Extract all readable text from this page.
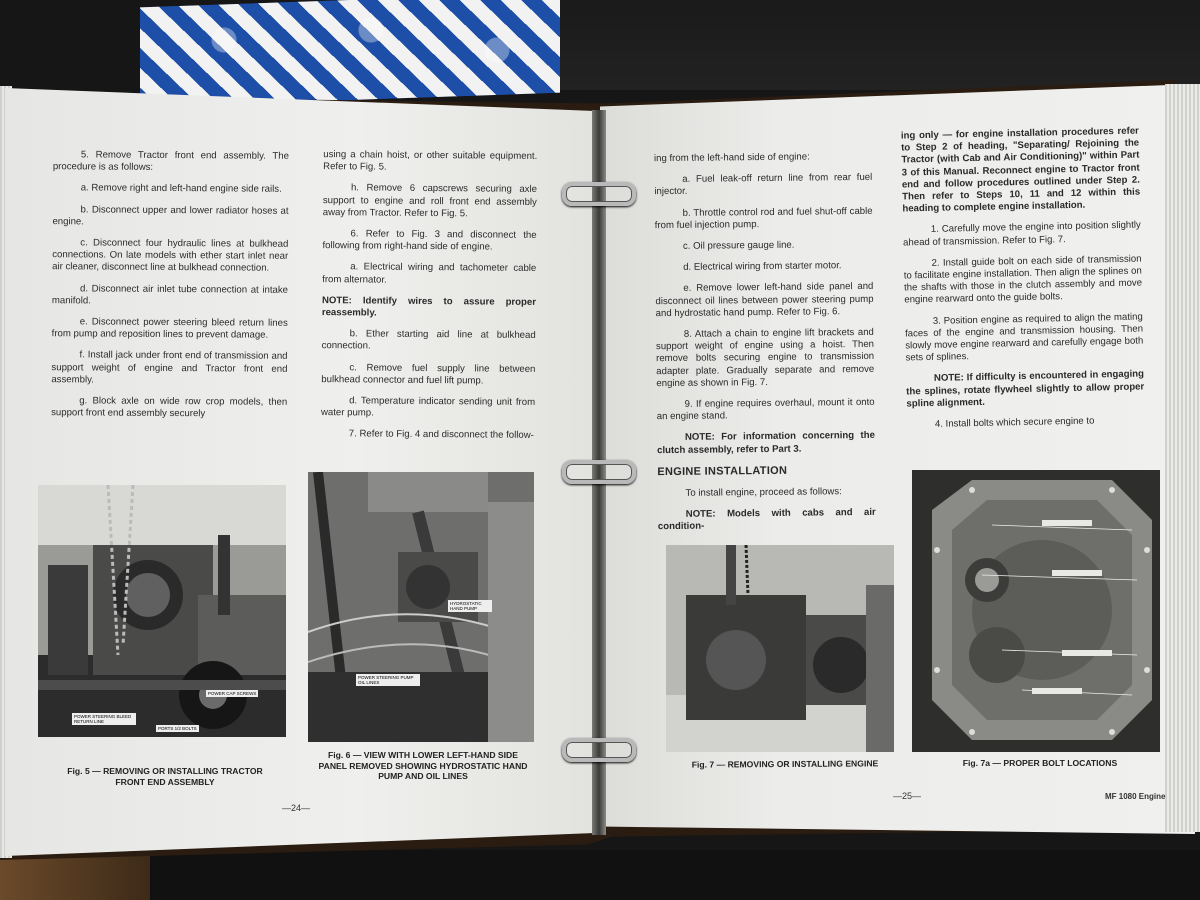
5. Remove Tractor front end assembly. The procedure is as follows:

a. Remove right and left-hand engine side rails.

b. Disconnect upper and lower radiator hoses at engine.

c. Disconnect four hydraulic lines at bulkhead connections. On late models with ether start inlet near air cleaner, disconnect line at bulkhead connection.

d. Disconnect air inlet tube connection at intake manifold.

e. Disconnect power steering bleed return lines from pump and reposition lines to prevent damage.

f. Install jack under front end of transmission and support weight of engine and Tractor front end assembly.

g. Block axle on wide row crop models, then support front end assembly securely

using a chain hoist, or other suitable equipment. Refer to Fig. 5.

h. Remove 6 capscrews securing axle support to engine and roll front end assembly away from Tractor. Refer to Fig. 5.

6. Refer to Fig. 3 and disconnect the following from right-hand side of engine.

a. Electrical wiring and tachometer cable from alternator.

NOTE: Identify wires to assure proper reassembly.

b. Ether starting aid line at bulkhead connection.

c. Remove fuel supply line between bulkhead connector and fuel lift pump.

d. Temperature indicator sending unit from water pump.

7. Refer to Fig. 4 and disconnect the follow-

POWER STEERING BLEED RETURN LINE
POWER CAP SCREWS
PORTS 1/2 BOLTS
Fig. 5 — REMOVING OR INSTALLING TRACTOR FRONT END ASSEMBLY
HYDROSTATIC HAND PUMP
POWER STEERING PUMP OIL LINES
Fig. 6 — VIEW WITH LOWER LEFT-HAND SIDE PANEL REMOVED SHOWING HYDROSTATIC HAND PUMP AND OIL LINES
—24—

ing from the left-hand side of engine:

a. Fuel leak-off return line from rear fuel injector.

b. Throttle control rod and fuel shut-off cable from fuel injection pump.

c. Oil pressure gauge line.

d. Electrical wiring from starter motor.

e. Remove lower left-hand side panel and disconnect oil lines between power steering pump and hydrostatic hand pump. Refer to Fig. 6.

8. Attach a chain to engine lift brackets and support weight of engine using a hoist. Then remove bolts securing engine to transmission adapter plate. Gradually separate and remove engine as shown in Fig. 7.

9. If engine requires overhaul, mount it onto an engine stand.

NOTE: For information concerning the clutch assembly, refer to Part 3.

ENGINE INSTALLATION

To install engine, proceed as follows:

NOTE: Models with cabs and air condition-

ing only — for engine installation procedures refer to Step 2 of heading, "Separating/ Rejoining the Tractor (with Cab and Air Conditioning)" within Part 3 of this Manual. Reconnect engine to Tractor front end and follow procedures outlined under Step 2. Then refer to Steps 10, 11 and 12 within this heading to complete engine installation.

1. Carefully move the engine into position slightly ahead of transmission. Refer to Fig. 7.

2. Install guide bolt on each side of transmission to facilitate engine installation. Then align the splines on the shafts with those in the clutch assembly and move engine rearward onto the guide bolts.

3. Position engine as required to align the mating faces of the engine and transmission housing. Then slowly move engine rearward and carefully engage both sets of splines.

NOTE: If difficulty is encountered in engaging the splines, rotate flywheel slightly to allow proper spline alignment.

4. Install bolts which secure engine to

Fig. 7 — REMOVING OR INSTALLING ENGINE	Fig. 7a — PROPER BOLT LOCATIONS
—25—	MF 1080 Engine
